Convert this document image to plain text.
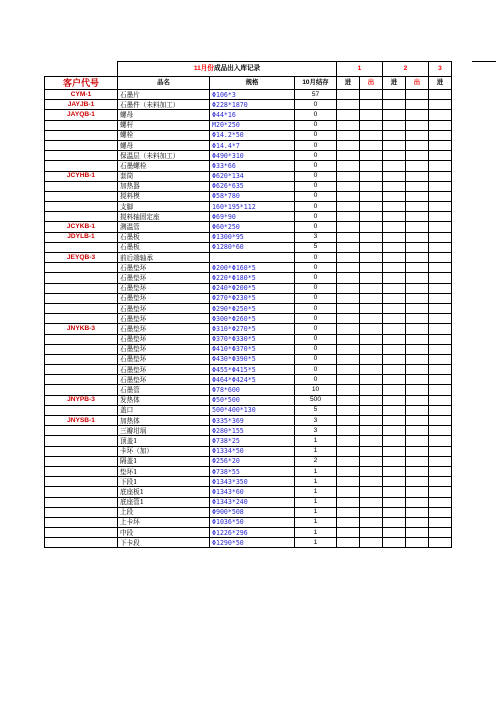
	11月份成品出入库记录			1		2		3
客户代号	品名	规格	10月结存	进	出	进	出	进
CYM-1	石墨片	Φ106*3	57					
JAYJB-1	石墨件（未料加工）	Φ228*1870	0					
JAYQB-1	螺母	Φ44*16	0					
	螺杆	M20*250	0					
	螺栓	Φ14.2*50	0					
	螺母	Φ14.4*7	0					
	保温层（未料加工）	Φ490*310	0					
	石墨螺栓	Φ33*66	0					
JCYHB-1	套筒	Φ620*134	0					
	加热器	Φ626*635	0					
	搅料模	Φ58*780	0					
	支脚	160*195*112	0					
	搅料轴固定座	Φ69*90	0					
JCYKB-1	测温管	Φ60*250	0					
JDYLB-1	石墨板	Φ1300*95	3					
	石墨板	Φ1280*60	5					
JEYQB-3	前后端轴承		0					
	石墨垫环	Φ200*Φ160*5	0					
	石墨垫环	Φ220*Φ180*5	0					
	石墨垫环	Φ240*Φ200*5	0					
	石墨垫环	Φ270*Φ230*5	0					
	石墨垫环	Φ290*Φ250*5	0					
	石墨垫环	Φ300*Φ260*5	0					
JNYKB-3	石墨垫环	Φ310*Φ270*5	0					
	石墨垫环	Φ370*Φ330*5	0					
	石墨垫环	Φ410*Φ370*5	0					
	石墨垫环	Φ430*Φ390*5	0					
	石墨垫环	Φ455*Φ415*5	0					
	石墨垫环	Φ464*Φ424*5	0					
	石墨管	Φ78*600	10					
JNYPB-3	发热体	Φ50*500	500					
	盖口	500*400*130	5					
JNYSB-1	加热体	Φ335*369	3					
	三瓣坩埚	Φ280*155	3					
	顶盖1	Φ738*25	1					
	卡环（加）	Φ1334*50	1					
	隔盖1	Φ256*20	2					
	垫环1	Φ738*55	1					
	下段1	Φ1343*350	1					
	底座板1	Φ1343*60	1					
	底座管1	Φ1343*240	1					
	上段	Φ900*508	1					
	上卡环	Φ1036*50	1					
	中段	Φ1226*296	1					
	下卡段	Φ1290*50	1					
